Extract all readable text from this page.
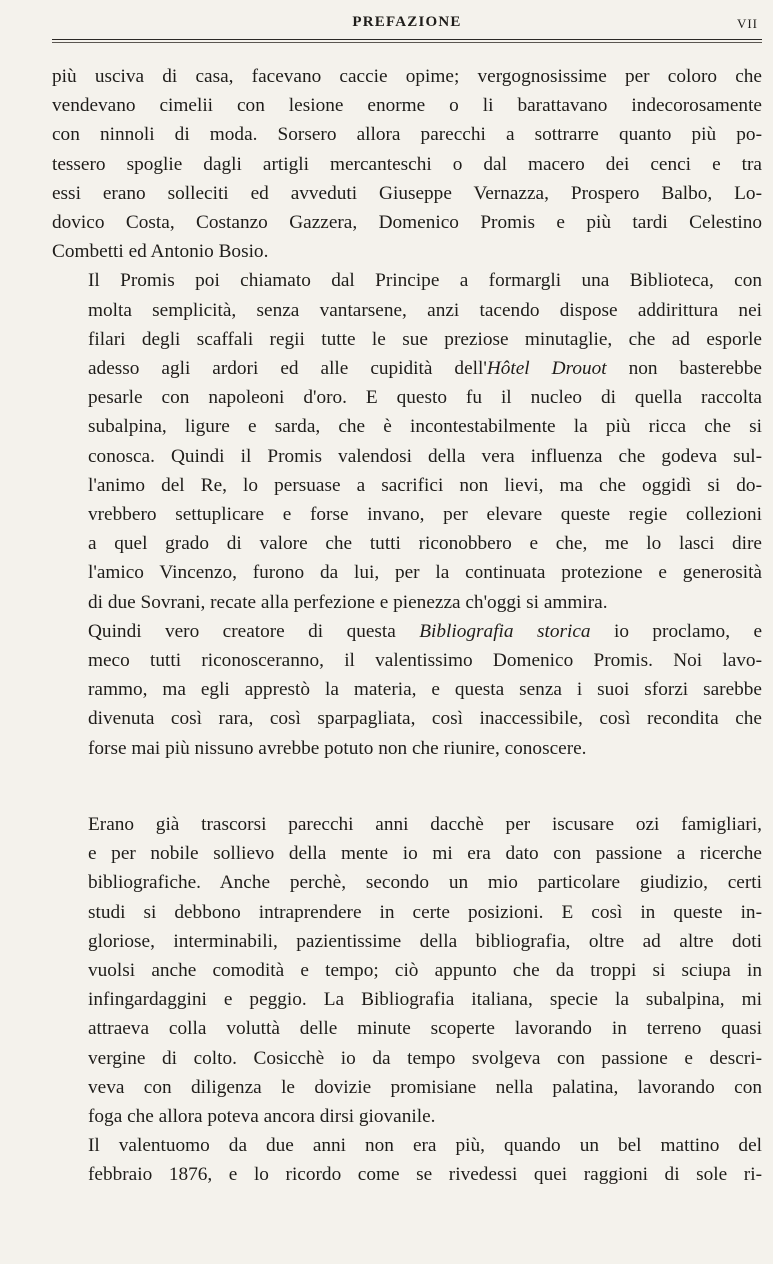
PREFAZIONE	VII

più usciva di casa, facevano caccie opime; vergognosissime per coloro che
vendevano cimelii con lesione enorme o li barattavano indecorosamente
con ninnoli di moda. Sorsero allora parecchi a sottrarre quanto più po-
tessero spoglie dagli artigli mercanteschi o dal macero dei cenci e tra
essi erano solleciti ed avveduti Giuseppe Vernazza, Prospero Balbo, Lo-
dovico Costa, Costanzo Gazzera, Domenico Promis e più tardi Celestino
Combetti ed Antonio Bosio.

Il Promis poi chiamato dal Principe a formargli una Biblioteca, con
molta semplicità, senza vantarsene, anzi tacendo dispose addirittura nei
filari degli scaffali regii tutte le sue preziose minutaglie, che ad esporle
adesso agli ardori ed alle cupidità dell'Hôtel Drouot non basterebbe
pesarle con napoleoni d'oro. E questo fu il nucleo di quella raccolta
subalpina, ligure e sarda, che è incontestabilmente la più ricca che si
conosca. Quindi il Promis valendosi della vera influenza che godeva sul-
l'animo del Re, lo persuase a sacrifici non lievi, ma che oggidì si do-
vrebbero settuplicare e forse invano, per elevare queste regie collezioni
a quel grado di valore che tutti riconobbero e che, me lo lasci dire
l'amico Vincenzo, furono da lui, per la continuata protezione e generosità
di due Sovrani, recate alla perfezione e pienezza ch'oggi si ammira.

Quindi vero creatore di questa Bibliografia storica io proclamo, e
meco tutti riconosceranno, il valentissimo Domenico Promis. Noi lavo-
rammo, ma egli apprestò la materia, e questa senza i suoi sforzi sarebbe
divenuta così rara, così sparpagliata, così inaccessibile, così recondita che
forse mai più nissuno avrebbe potuto non che riunire, conoscere.

Erano già trascorsi parecchi anni dacchè per iscusare ozi famigliari,
e per nobile sollievo della mente io mi era dato con passione a ricerche
bibliografiche. Anche perchè, secondo un mio particolare giudizio, certi
studi si debbono intraprendere in certe posizioni. E così in queste in-
gloriose, interminabili, pazientissime della bibliografia, oltre ad altre doti
vuolsi anche comodità e tempo; ciò appunto che da troppi si sciupa in
infingardaggini e peggio. La Bibliografia italiana, specie la subalpina, mi
attraeva colla voluttà delle minute scoperte lavorando in terreno quasi
vergine di colto. Cosicchè io da tempo svolgeva con passione e descri-
veva con diligenza le dovizie promisiane nella palatina, lavorando con
foga che allora poteva ancora dirsi giovanile.

Il valentuomo da due anni non era più, quando un bel mattino del
febbraio 1876, e lo ricordo come se rivedessi quei raggioni di sole ri-
